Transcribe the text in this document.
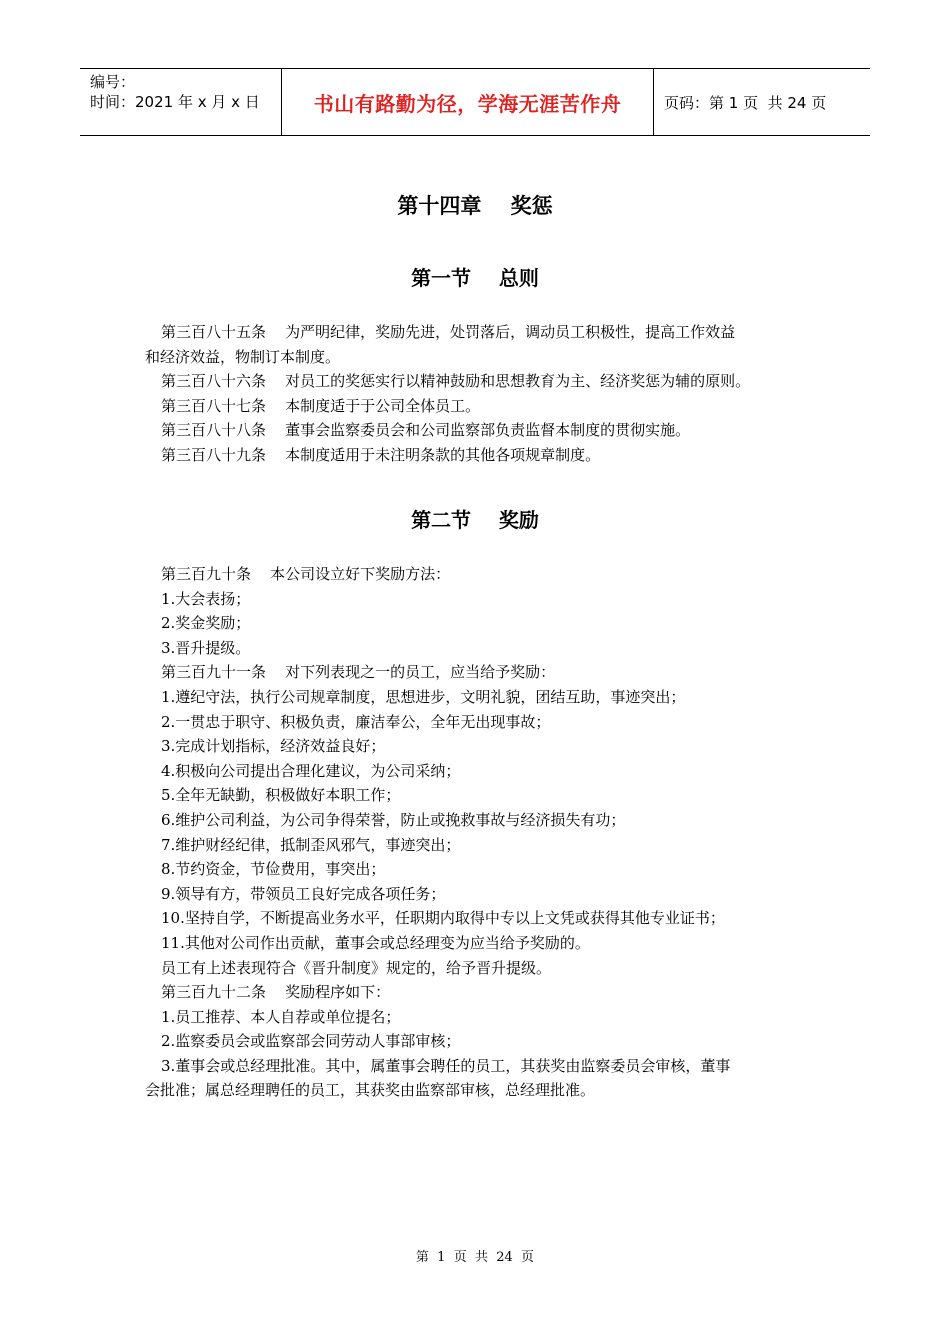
编号：
时间：2021 年 x 月 x 日	书山有路勤为径，学海无涯苦作舟	页码：第 1 页  共 24 页
第十四章    奖惩
第一节    总则

第三百八十五条    为严明纪律，奖励先进，处罚落后，调动员工积极性，提高工作效益

和经济效益，物制订本制度。

第三百八十六条    对员工的奖惩实行以精神鼓励和思想教育为主、经济奖惩为辅的原则。

第三百八十七条    本制度适于于公司全体员工。

第三百八十八条    董事会监察委员会和公司监察部负责监督本制度的贯彻实施。

第三百八十九条    本制度适用于未注明条款的其他各项规章制度。

第二节    奖励

第三百九十条    本公司设立好下奖励方法：

1.大会表扬；

2.奖金奖励；

3.晋升提级。

第三百九十一条    对下列表现之一的员工，应当给予奖励：

1.遵纪守法，执行公司规章制度，思想进步，文明礼貌，团结互助，事迹突出；

2.一贯忠于职守、积极负责，廉洁奉公，全年无出现事故；

3.完成计划指标，经济效益良好；

4.积极向公司提出合理化建议，为公司采纳；

5.全年无缺勤，积极做好本职工作；

6.维护公司利益，为公司争得荣誉，防止或挽救事故与经济损失有功；

7.维护财经纪律，抵制歪风邪气，事迹突出；

8.节约资金，节俭费用，事突出；

9.领导有方，带领员工良好完成各项任务；

10.坚持自学，不断提高业务水平，任职期内取得中专以上文凭或获得其他专业证书；

11.其他对公司作出贡献，董事会或总经理变为应当给予奖励的。

员工有上述表现符合《晋升制度》规定的，给予晋升提级。

第三百九十二条    奖励程序如下：

1.员工推荐、本人自荐或单位提名；

2.监察委员会或监察部会同劳动人事部审核；

3.董事会或总经理批准。其中，属董事会聘任的员工，其获奖由监察委员会审核，董事

会批准；属总经理聘任的员工，其获奖由监察部审核，总经理批准。

第  1  页  共  24  页
